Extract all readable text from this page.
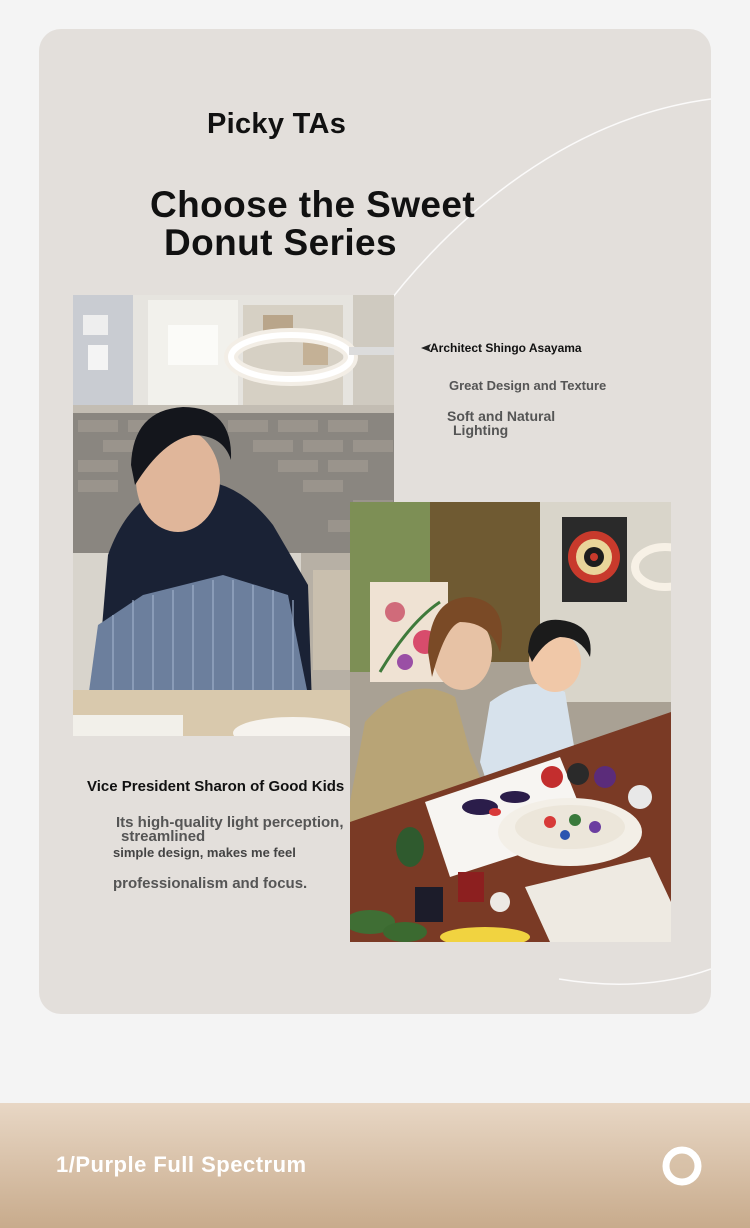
Picky TAs
Choose the Sweet
Donut Series
Architect Shingo Asayama
Great Design and Texture
Soft and Natural
Lighting
Vice President Sharon of Good Kids
Its high-quality light perception,
streamlined
simple design, makes me feel
professionalism and focus.
1/Purple Full Spectrum
